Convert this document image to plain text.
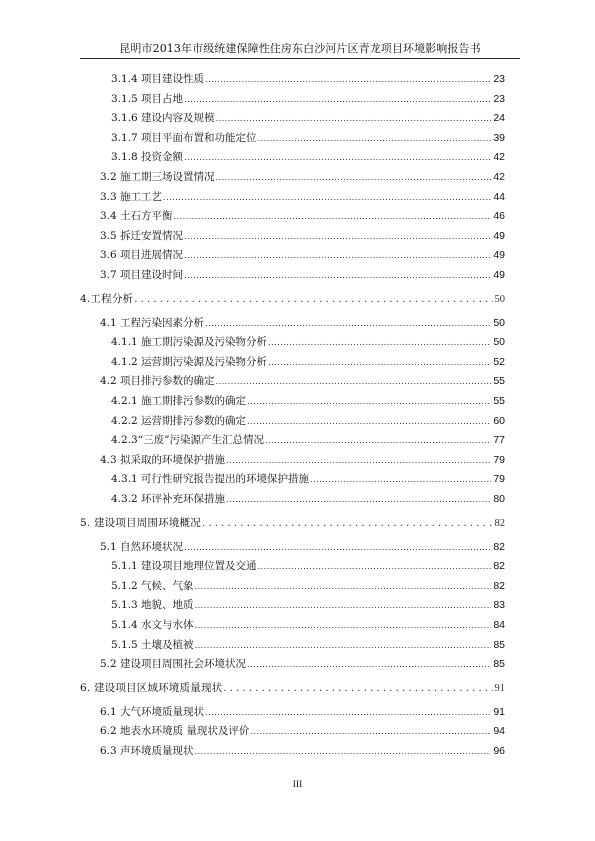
昆明市2013年市级统建保障性住房东白沙河片区青龙项目环境影响报告书
3.1.4 项目建设性质 .....	23
3.1.5 项目占地 .....	23
3.1.6 建设内容及规模 .....	24
3.1.7 项目平面布置和功能定位 .....	39
3.1.8 投资金额 .....	42
3.2 施工期三场设置情况 .....	42
3.3 施工工艺 .....	44
3.4 土石方平衡 .....	46
3.5 拆迁安置情况 .....	49
3.6 项目进展情况 .....	49
3.7 项目建设时间 .....	49
4.工程分析 .....	50
4.1 工程污染因素分析 .....	50
4.1.1 施工期污染源及污染物分析 .....	50
4.1.2 运营期污染源及污染物分析 .....	52
4.2 项目排污参数的确定 .....	55
4.2.1 施工期排污参数的确定 .....	55
4.2.2 运营期排污参数的确定 .....	60
4.2.3“三废”污染源产生汇总情况 .....	77
4.3 拟采取的环境保护措施 .....	79
4.3.1 可行性研究报告提出的环境保护措施 .....	79
4.3.2 环评补充环保措施 .....	80
5. 建设项目周围环境概况 .....	82
5.1 自然环境状况 .....	82
5.1.1 建设项目地理位置及交通 .....	82
5.1.2 气候、气象 .....	82
5.1.3 地貌、地质 .....	83
5.1.4 水文与水体 .....	84
5.1.5 土壤及植被 .....	85
5.2 建设项目周围社会环境状况 .....	85
6. 建设项目区域环境质量现状 .....	91
6.1 大气环境质量现状 .....	91
6.2 地表水环境质 量现状及评价 .....	94
6.3 声环境质量现状 .....	96
III
